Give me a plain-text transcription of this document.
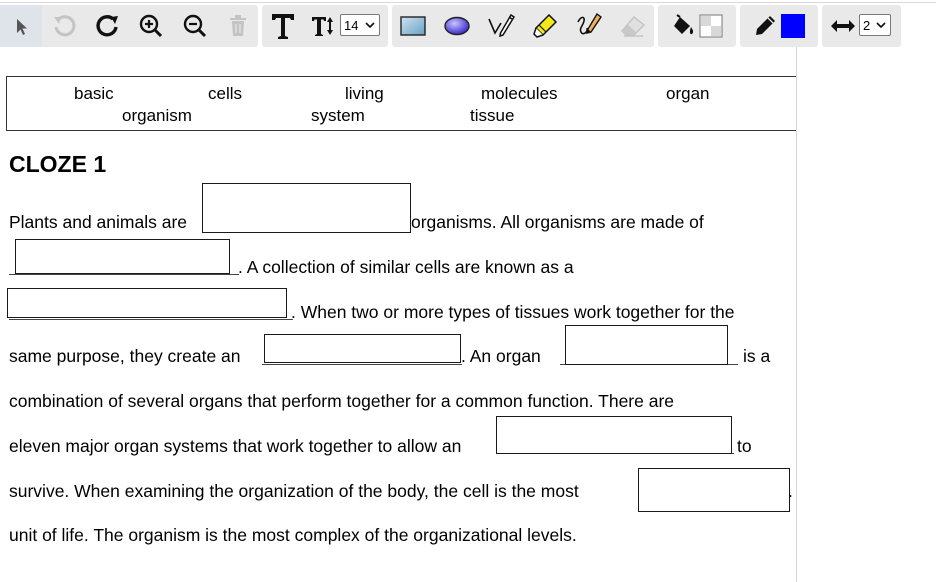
14	2
basic	cells	living	molecules	organ
organism	system	tissue
CLOZE 1
Plants and animals are	organisms. All organisms are made of
. A collection of similar cells are known as a
. When two or more types of tissues work together for the
same purpose, they create an	. An organ	is a
combination of several organs that perform together for a common function. There are
eleven major organ systems that work together to allow an	to
survive. When examining the organization of the body, the cell is the most	.
unit of life. The organism is the most complex of the organizational levels.
